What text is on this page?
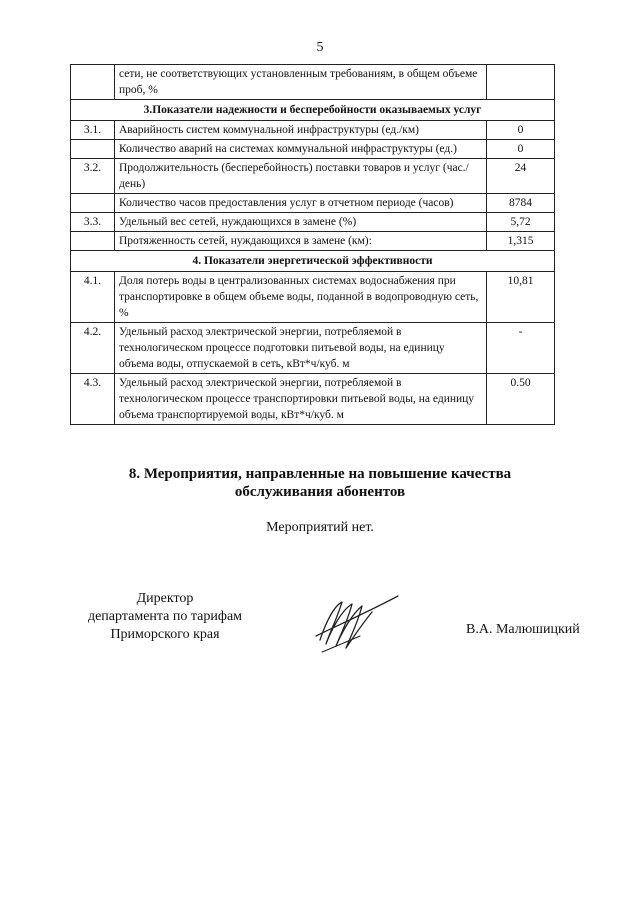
5
	сети, не соответствующих установленным требованиям, в общем объеме проб, %	
3.Показатели надежности и бесперебойности оказываемых услуг		
3.1.	Аварийность систем коммунальной инфраструктуры (ед./км)	0
	Количество аварий на системах коммунальной инфраструктуры (ед.)	0
3.2.	Продолжительность (бесперебойность) поставки товаров и услуг (час./день)	24
	Количество часов предоставления услуг в отчетном периоде (часов)	8784
3.3.	Удельный вес сетей, нуждающихся в замене (%)	5,72
	Протяженность сетей, нуждающихся в замене (км):	1,315
4. Показатели энергетической эффективности		
4.1.	Доля потерь воды в централизованных системах водоснабжения при транспортировке в общем объеме воды, поданной в водопроводную сеть, %	10,81
4.2.	Удельный расход электрической энергии, потребляемой в технологическом процессе подготовки питьевой воды, на единицу объема воды, отпускаемой в сеть, кВт*ч/куб. м	-
4.3.	Удельный расход электрической энергии, потребляемой в технологическом процессе транспортировки питьевой воды, на единицу объема транспортируемой воды, кВт*ч/куб. м	0.50
8. Мероприятия, направленные на повышение качества
обслуживания абонентов
Мероприятий нет.
Директор
департамента по тарифам
Приморского края	В.А. Малюшицкий
